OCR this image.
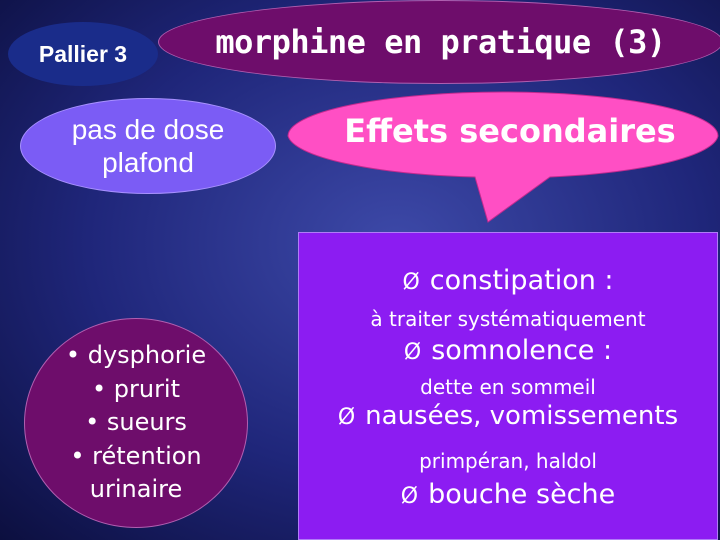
Pallier 3	morphine en pratique (3)
pas de dose
plafond
Effets secondaires
Ø constipation :
à traiter systématiquement
Ø somnolence :
dette en sommeil
Ø nausées, vomissements
primpéran, haldol
Ø bouche sèche
• dysphorie
• prurit
• sueurs
• rétention
urinaire
